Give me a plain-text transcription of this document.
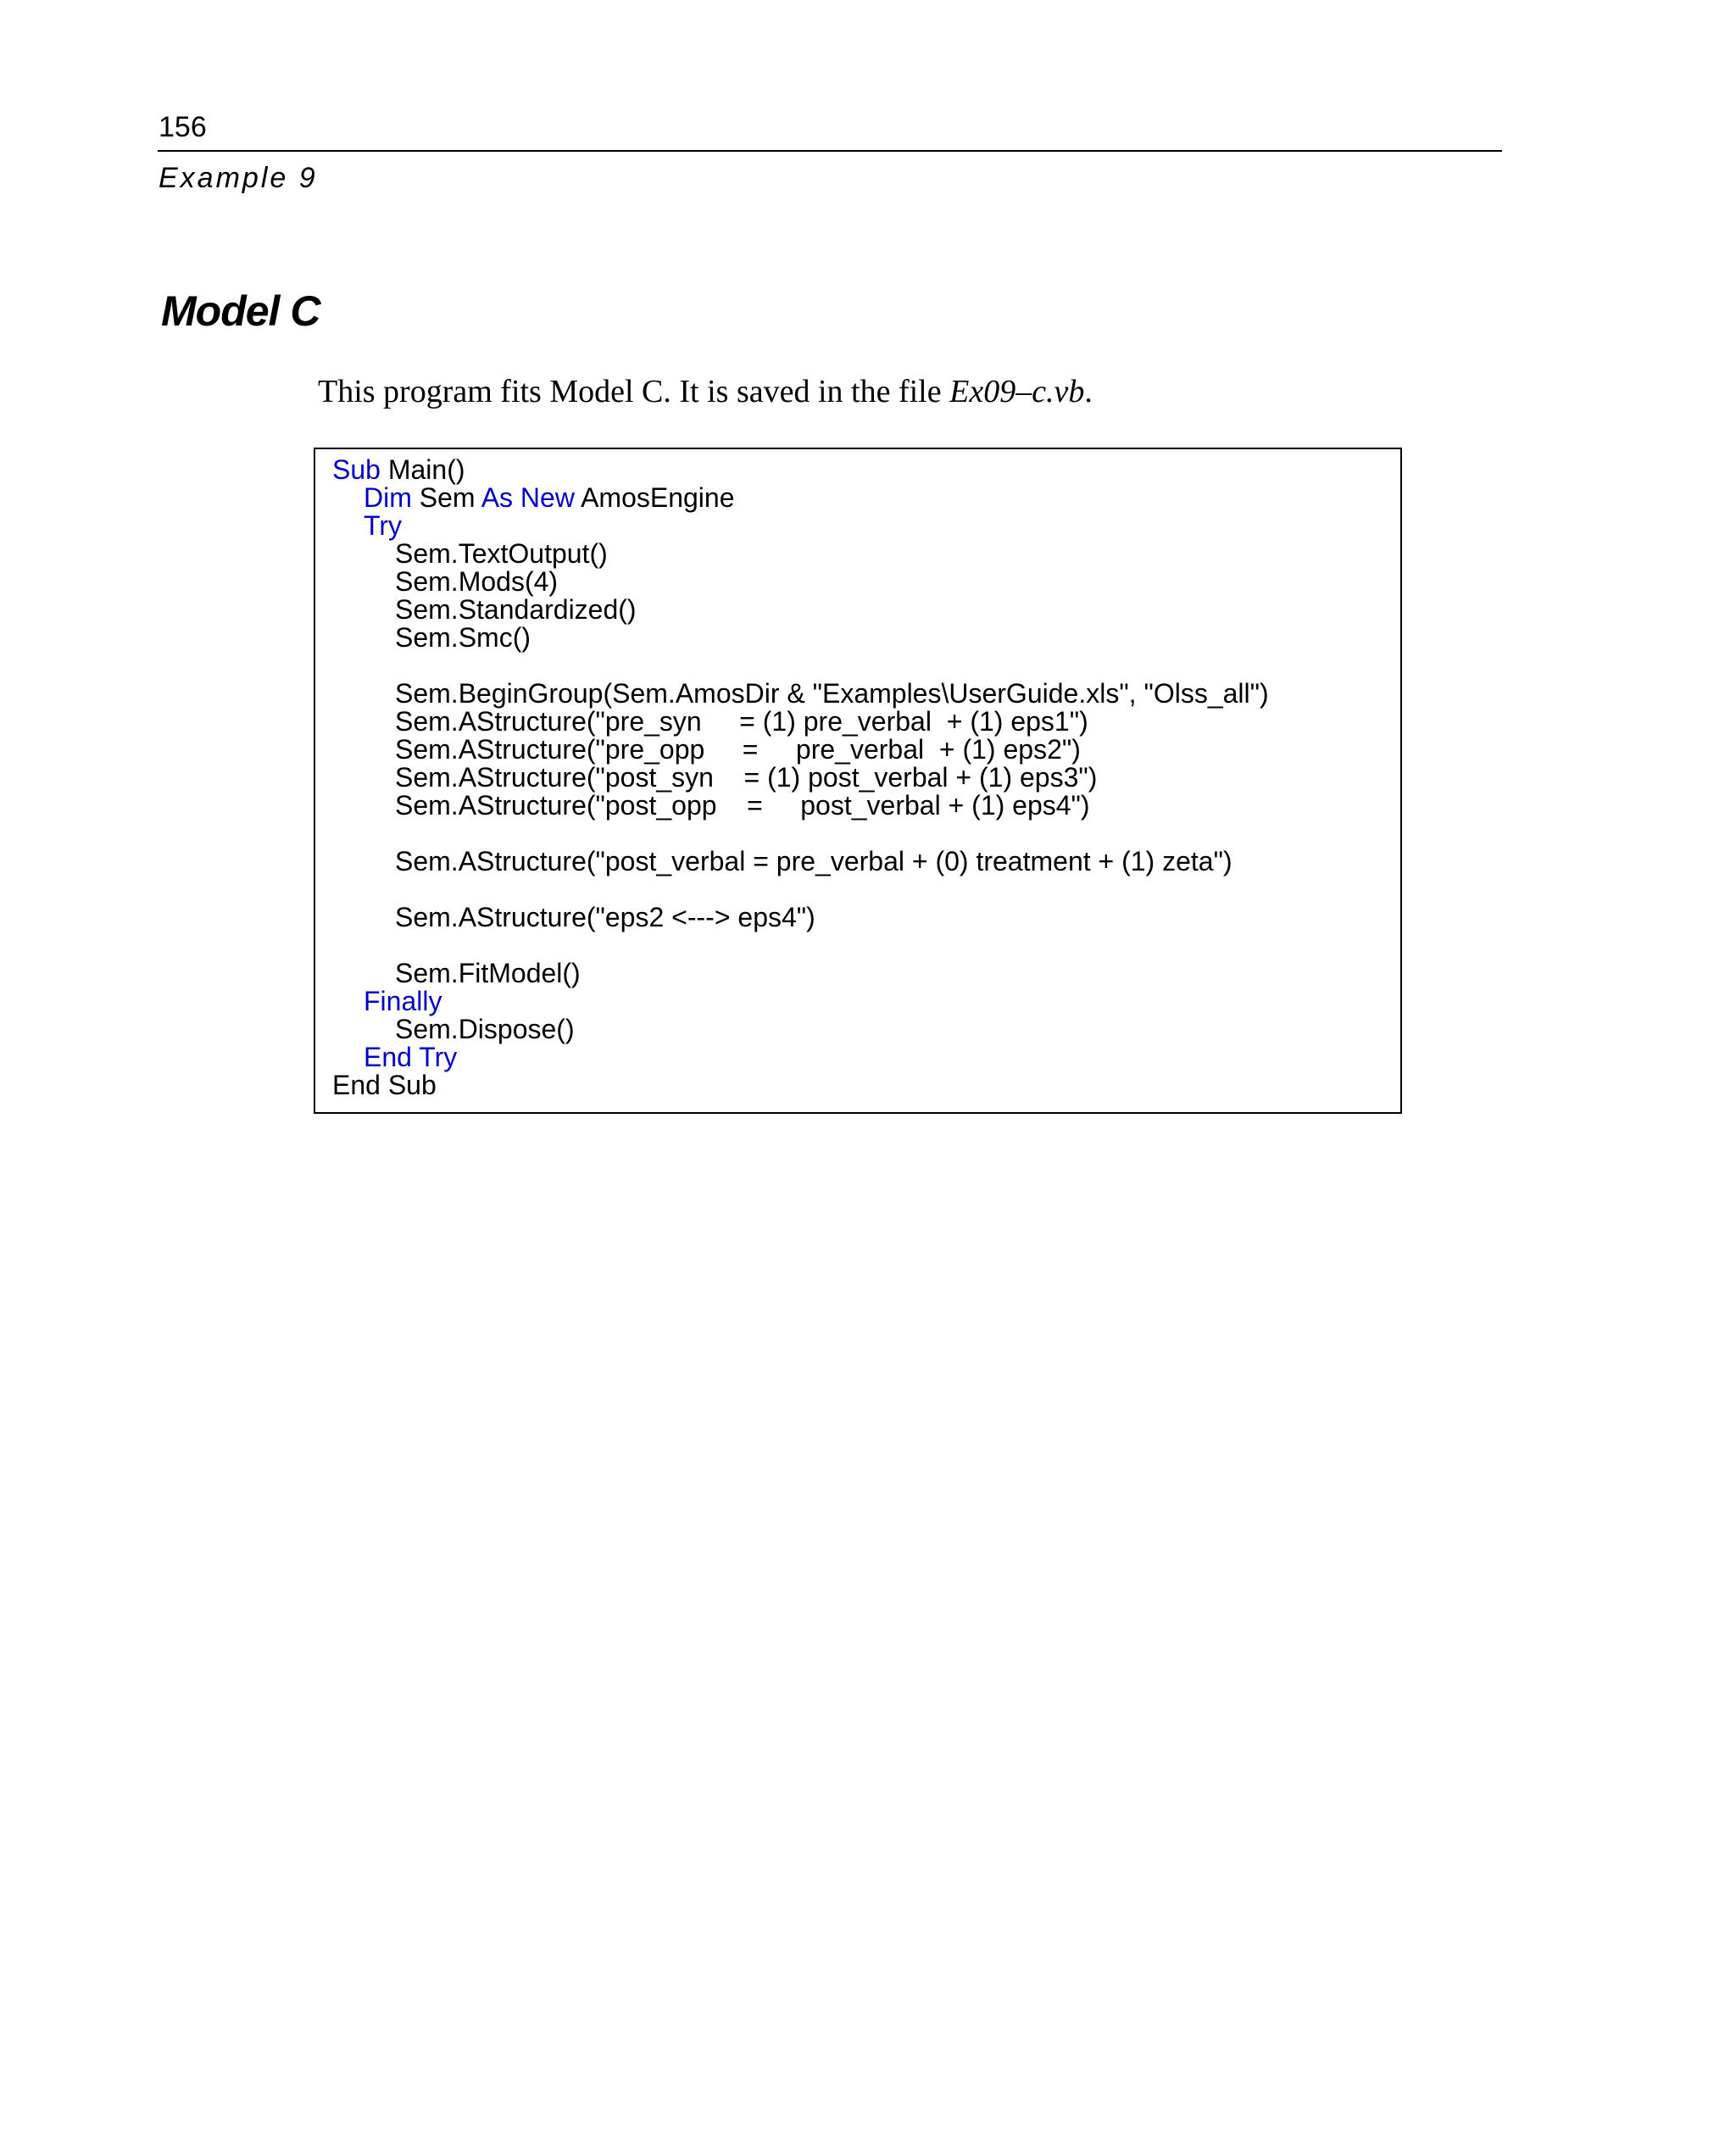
156
Example 9
Model C

This program fits Model C. It is saved in the file Ex09–c.vb.

Sub Main()
Dim Sem As New AmosEngine
Try
Sem.TextOutput()
Sem.Mods(4)
Sem.Standardized()
Sem.Smc()
Sem.BeginGroup(Sem.AmosDir & "Examples\UserGuide.xls", "Olss_all")
Sem.AStructure("pre_syn     = (1) pre_verbal  + (1) eps1")
Sem.AStructure("pre_opp     =     pre_verbal  + (1) eps2")
Sem.AStructure("post_syn    = (1) post_verbal + (1) eps3")
Sem.AStructure("post_opp    =     post_verbal + (1) eps4")
Sem.AStructure("post_verbal = pre_verbal + (0) treatment + (1) zeta")
Sem.AStructure("eps2 <---> eps4")
Sem.FitModel()
Finally
Sem.Dispose()
End Try
End Sub
